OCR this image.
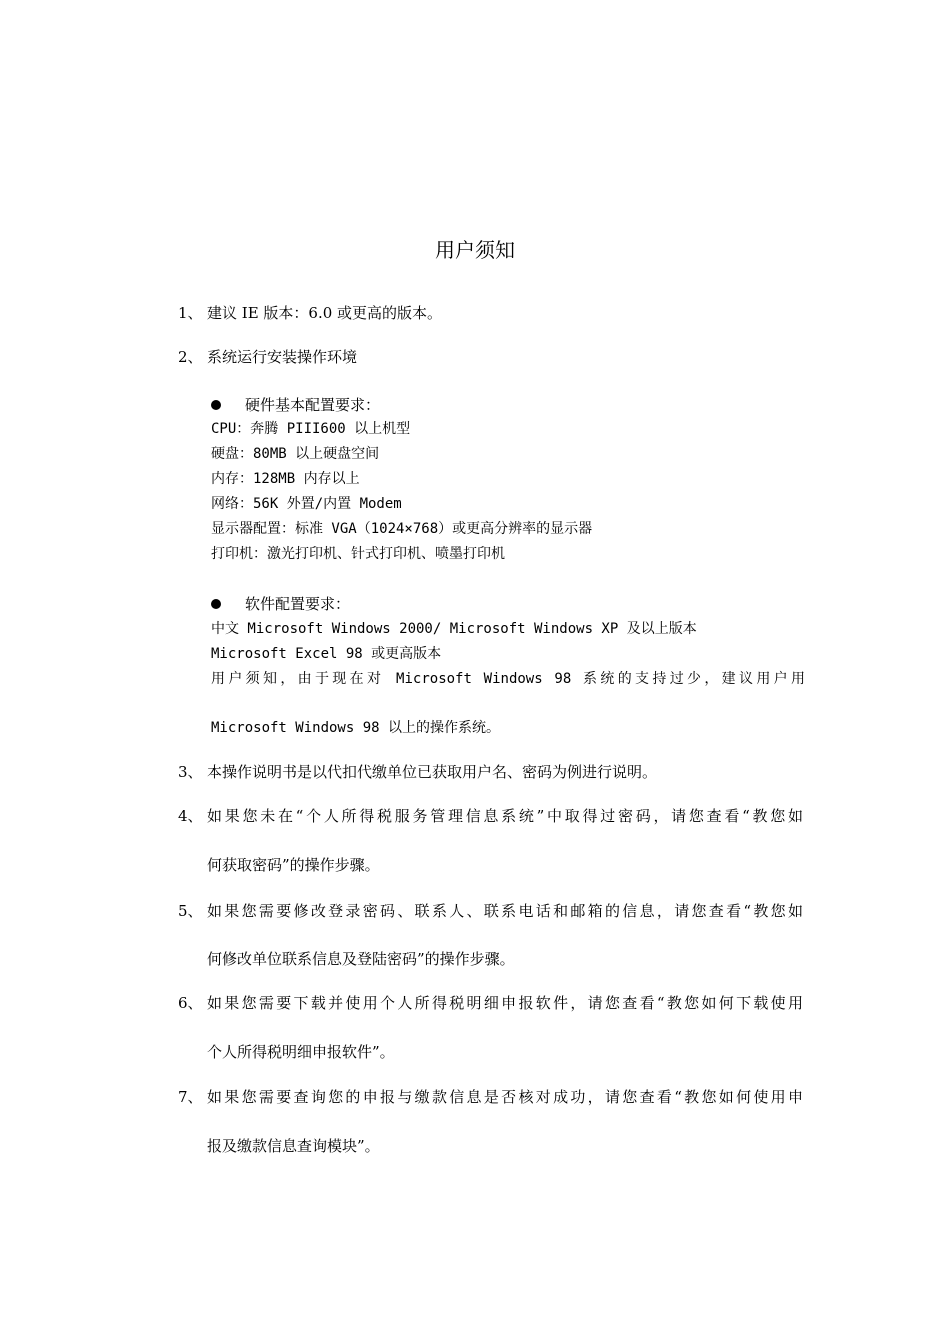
用户须知
1、 建议 IE 版本：6.0 或更高的版本。
2、 系统运行安装操作环境
硬件基本配置要求：
CPU：奔腾 PIII600 以上机型
硬盘：80MB 以上硬盘空间
内存：128MB 内存以上
网络：56K 外置/内置 Modem
显示器配置：标准 VGA（1024×768）或更高分辨率的显示器
打印机：激光打印机、针式打印机、喷墨打印机
软件配置要求：
中文 Microsoft Windows 2000/ Microsoft Windows XP 及以上版本
Microsoft Excel 98 或更高版本
用户须知，由于现在对 Microsoft Windows 98 系统的支持过少，建议用户用
Microsoft Windows 98 以上的操作系统。
3、 本操作说明书是以代扣代缴单位已获取用户名、密码为例进行说明。
4、 如果您未在“个人所得税服务管理信息系统”中取得过密码，请您查看“教您如
何获取密码”的操作步骤。
5、 如果您需要修改登录密码、联系人、联系电话和邮箱的信息，请您查看“教您如
何修改单位联系信息及登陆密码”的操作步骤。
6、 如果您需要下载并使用个人所得税明细申报软件，请您查看“教您如何下载使用
个人所得税明细申报软件”。
7、 如果您需要查询您的申报与缴款信息是否核对成功，请您查看“教您如何使用申
报及缴款信息查询模块”。
